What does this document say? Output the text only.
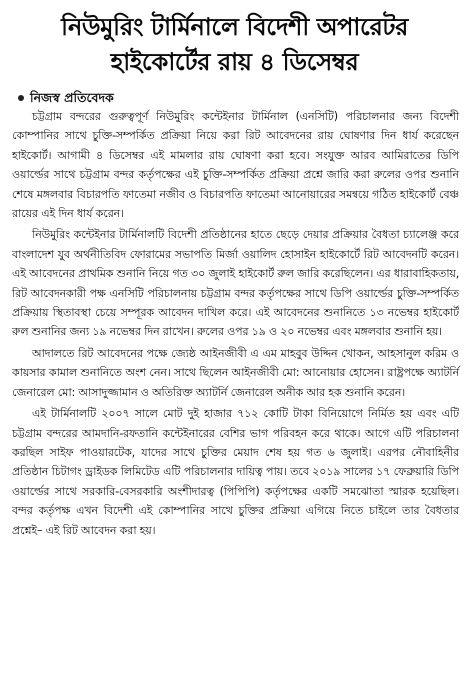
নিউমুরিং টার্মিনালে বিদেশী অপারেটর
হাইকোর্টের রায় ৪ ডিসেম্বর
নিজস্ব প্রতিবেদক

চট্টগ্রাম বন্দরের গুরুত্বপূর্ণ নিউমুরিং কন্টেইনার টার্মিনাল (এনসিটি) পরিচালনার জন্য বিদেশী কোম্পানির সাথে চুক্তি-সম্পর্কিত প্রক্রিয়া নিয়ে করা রিট আবেদনের রায় ঘোষণার দিন ধার্য করেছেন হাইকোর্ট। আগামী ৪ ডিসেম্বর এই মামলার রায় ঘোষণা করা হবে। সংযুক্ত আরব আমিরাতের ডিপি ওয়ার্ল্ডের সাথে চট্টগ্রাম বন্দর কর্তৃপক্ষের এই চুক্তি-সম্পর্কিত প্রক্রিয়া প্রশ্নে জারি করা রুলের ওপর শুনানি শেষে মঙ্গলবার বিচারপতি ফাতেমা নজীব ও বিচারপতি ফাতেমা আনোয়ারের সমন্বয়ে গঠিত হাইকোর্ট বেঞ্চ রায়ের এই দিন ধার্য করেন।

নিউমুরিং কন্টেইনার টার্মিনালটি বিদেশী প্রতিষ্ঠানের হাতে ছেড়ে দেয়ার প্রক্রিয়ার বৈধতা চ্যালেঞ্জ করে বাংলাদেশ যুব অর্থনীতিবিদ ফোরামের সভাপতি মির্জা ওয়ালিদ হোসাইন হাইকোর্টে রিট আবেদনটি করেন। এই আবেদনের প্রাথমিক শুনানি নিয়ে গত ৩০ জুলাই হাইকোর্ট রুল জারি করেছিলেন। এর ধারাবাহিকতায়, রিট আবেদনকারী পক্ষ এনসিটি পরিচালনায় চট্টগ্রাম বন্দর কর্তৃপক্ষের সাথে ডিপি ওয়ার্ল্ডের চুক্তি-সম্পর্কিত প্রক্রিয়ায় স্থিতাবস্থা চেয়ে সম্পূরক আবেদন দাখিল করে। এই আবেদনের শুনানিতে ১৩ নভেম্বর হাইকোর্ট রুল শুনানির জন্য ১৯ নভেম্বর দিন রাখেন। রুলের ওপর ১৯ ও ২০ নভেম্বর এবং মঙ্গলবার শুনানি হয়।

আদালতে রিট আবেদনের পক্ষে জ্যেষ্ঠ আইনজীবী এ এম মাহবুব উদ্দিন খোকন, আহসানুল করিম ও কায়সার কামাল শুনানিতে অংশ নেন। সাথে ছিলেন আইনজীবী মো: আনোয়ার হোসেন। রাষ্ট্রপক্ষে অ্যাটর্নি জেনারেল মো: আসাদুজ্জামান ও অতিরিক্ত অ্যাটর্নি জেনারেল অনীক আর হক শুনানি করেন।

এই টার্মিনালটি ২০০৭ সালে মোট দুই হাজার ৭১২ কোটি টাকা বিনিয়োগে নির্মিত হয় এবং এটি চট্টগ্রাম বন্দরের আমদানি-রফতানি কন্টেইনারের বেশির ভাগ পরিবহন করে থাকে। আগে এটি পরিচালনা করছিল সাইফ পাওয়ারটেক, যাদের সাথে চুক্তির মেয়াদ শেষ হয় গত ৬ জুলাই। এরপর নৌবাহিনীর প্রতিষ্ঠান চিটাগং ড্রাইডক লিমিটেড এটি পরিচালনার দায়িত্ব পায়। তবে ২০১৯ সালের ১৭ ফেব্রুয়ারি ডিপি ওয়ার্ল্ডের সাথে সরকারি-বেসরকারি অংশীদারত্ব (পিপিপি) কর্তৃপক্ষের একটি সমঝোতা স্মারক হয়েছিল। বন্দর কর্তৃপক্ষ এখন বিদেশী এই কোম্পানির সাথে চুক্তির প্রক্রিয়া এগিয়ে নিতে চাইলে তার বৈধতার প্রশ্নেই– এই রিট আবেদন করা হয়।
